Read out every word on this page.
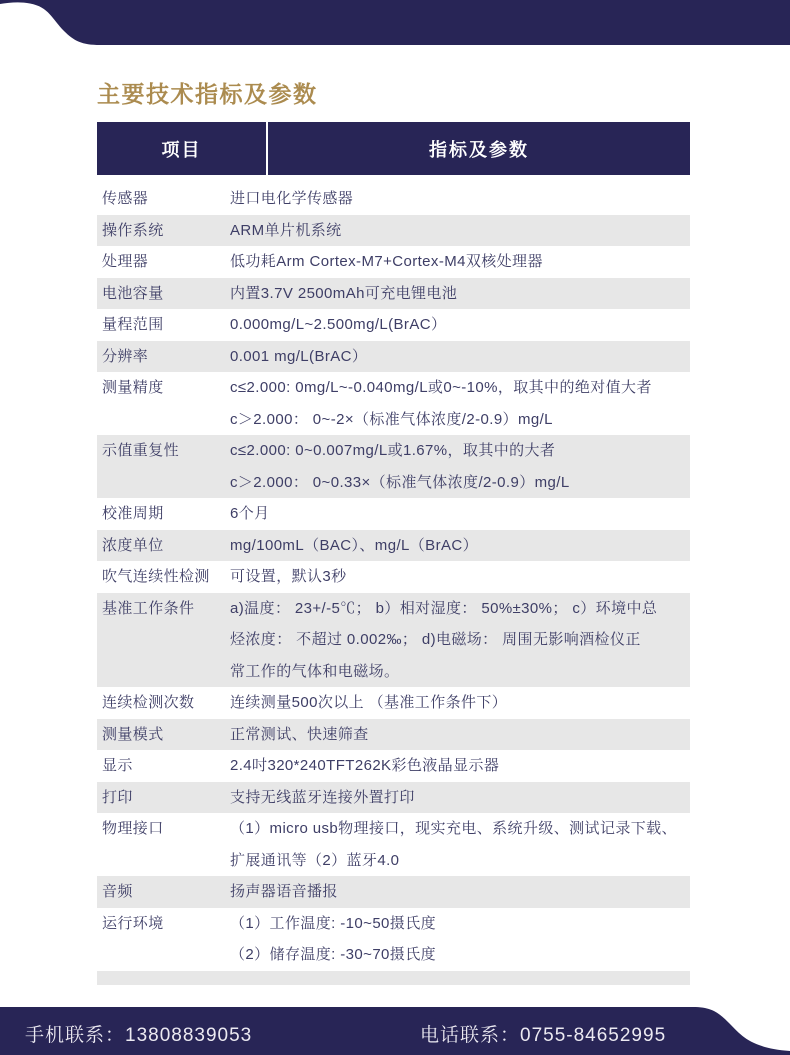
主要技术指标及参数
项目	指标及参数
传感器	进口电化学传感器
操作系统	ARM单片机系统
处理器	低功耗Arm Cortex-M7+Cortex-M4双核处理器
电池容量	内置3.7V 2500mAh可充电锂电池
量程范围	0.000mg/L~2.500mg/L(BrAC）
分辨率	0.001 mg/L(BrAC）
测量精度	c≤2.000: 0mg/L~-0.040mg/L或0~-10%，取其中的绝对值大者
c＞2.000： 0~-2×（标准气体浓度/2-0.9）mg/L
示值重复性	c≤2.000: 0~0.007mg/L或1.67%，取其中的大者
c＞2.000： 0~0.33×（标准气体浓度/2-0.9）mg/L
校准周期	6个月
浓度单位	mg/100mL（BAC）、mg/L（BrAC）
吹气连续性检测	可设置，默认3秒
基准工作条件	a)温度： 23+/-5℃； b）相对湿度： 50%±30%； c）环境中总
烃浓度： 不超过 0.002‰； d)电磁场： 周围无影响酒检仪正
常工作的气体和电磁场。
连续检测次数	连续测量500次以上 （基准工作条件下）
测量模式	正常测试、快速筛查
显示	2.4吋320*240TFT262K彩色液晶显示器
打印	支持无线蓝牙连接外置打印
物理接口	（1）micro usb物理接口，现实充电、系统升级、测试记录下载、
扩展通讯等（2）蓝牙4.0
音频	扬声器语音播报
运行环境	（1）工作温度: -10~50摄氏度
（2）储存温度: -30~70摄氏度

手机联系：13808839053	电话联系：0755-84652995
